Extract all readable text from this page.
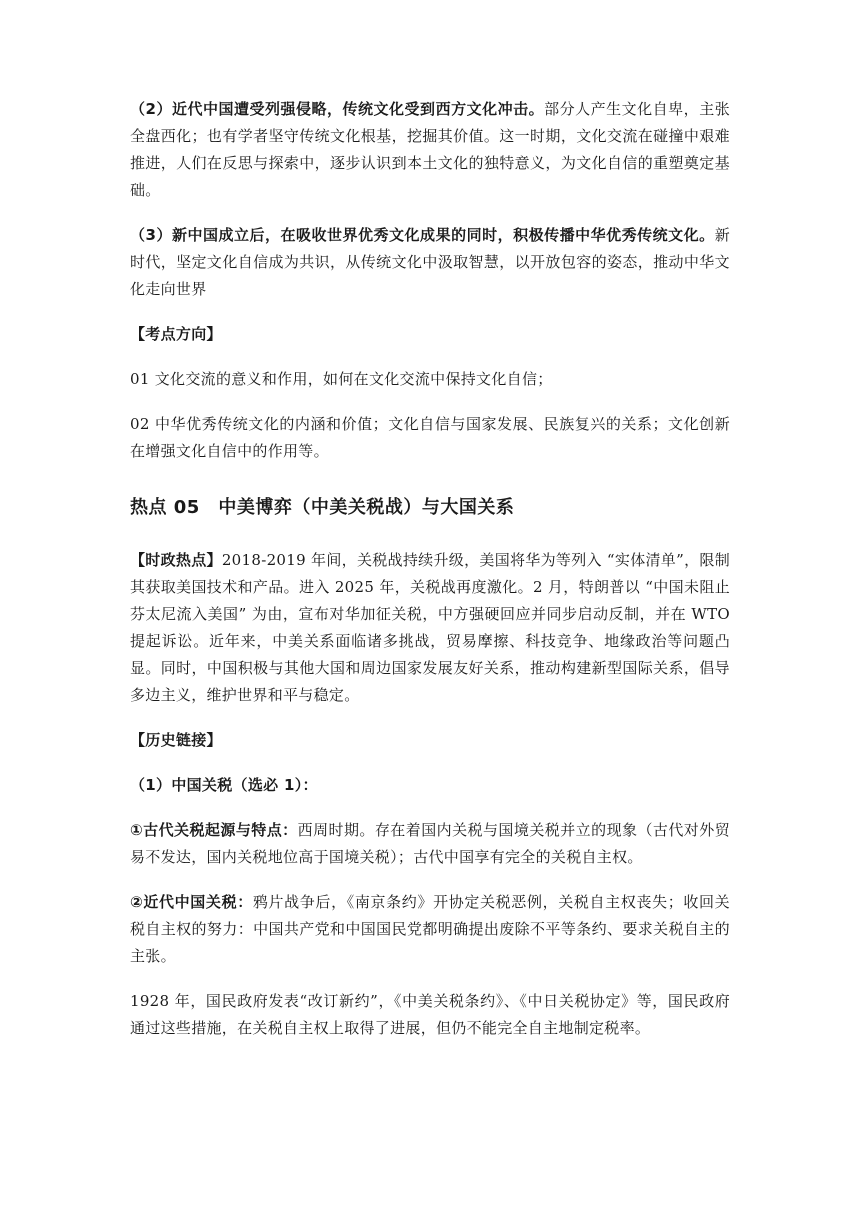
（2）近代中国遭受列强侵略，传统文化受到西方文化冲击。部分人产生文化自卑，主张全盘西化；也有学者坚守传统文化根基，挖掘其价值。这一时期，文化交流在碰撞中艰难推进，人们在反思与探索中，逐步认识到本土文化的独特意义，为文化自信的重塑奠定基础。

（3）新中国成立后，在吸收世界优秀文化成果的同时，积极传播中华优秀传统文化。新时代，坚定文化自信成为共识，从传统文化中汲取智慧，以开放包容的姿态，推动中华文化走向世界

【考点方向】

01 文化交流的意义和作用，如何在文化交流中保持文化自信；

02 中华优秀传统文化的内涵和价值；文化自信与国家发展、民族复兴的关系；文化创新在增强文化自信中的作用等。

热点 05　中美博弈（中美关税战）与大国关系

【时政热点】2018-2019 年间，关税战持续升级，美国将华为等列入 “实体清单”，限制其获取美国技术和产品。进入 2025 年，关税战再度激化。2 月，特朗普以 “中国未阻止芬太尼流入美国” 为由，宣布对华加征关税，中方强硬回应并同步启动反制，并在 WTO 提起诉讼。近年来，中美关系面临诸多挑战，贸易摩擦、科技竞争、地缘政治等问题凸显。同时，中国积极与其他大国和周边国家发展友好关系，推动构建新型国际关系，倡导多边主义，维护世界和平与稳定。

【历史链接】

（1）中国关税（选必 1）：

①古代关税起源与特点：西周时期。存在着国内关税与国境关税并立的现象（古代对外贸易不发达，国内关税地位高于国境关税）；古代中国享有完全的关税自主权。

②近代中国关税：鸦片战争后，《南京条约》开协定关税恶例，关税自主权丧失；收回关税自主权的努力：中国共产党和中国国民党都明确提出废除不平等条约、要求关税自主的主张。

1928 年，国民政府发表“改订新约”，《中美关税条约》、《中日关税协定》等，国民政府通过这些措施，在关税自主权上取得了进展，但仍不能完全自主地制定税率。
